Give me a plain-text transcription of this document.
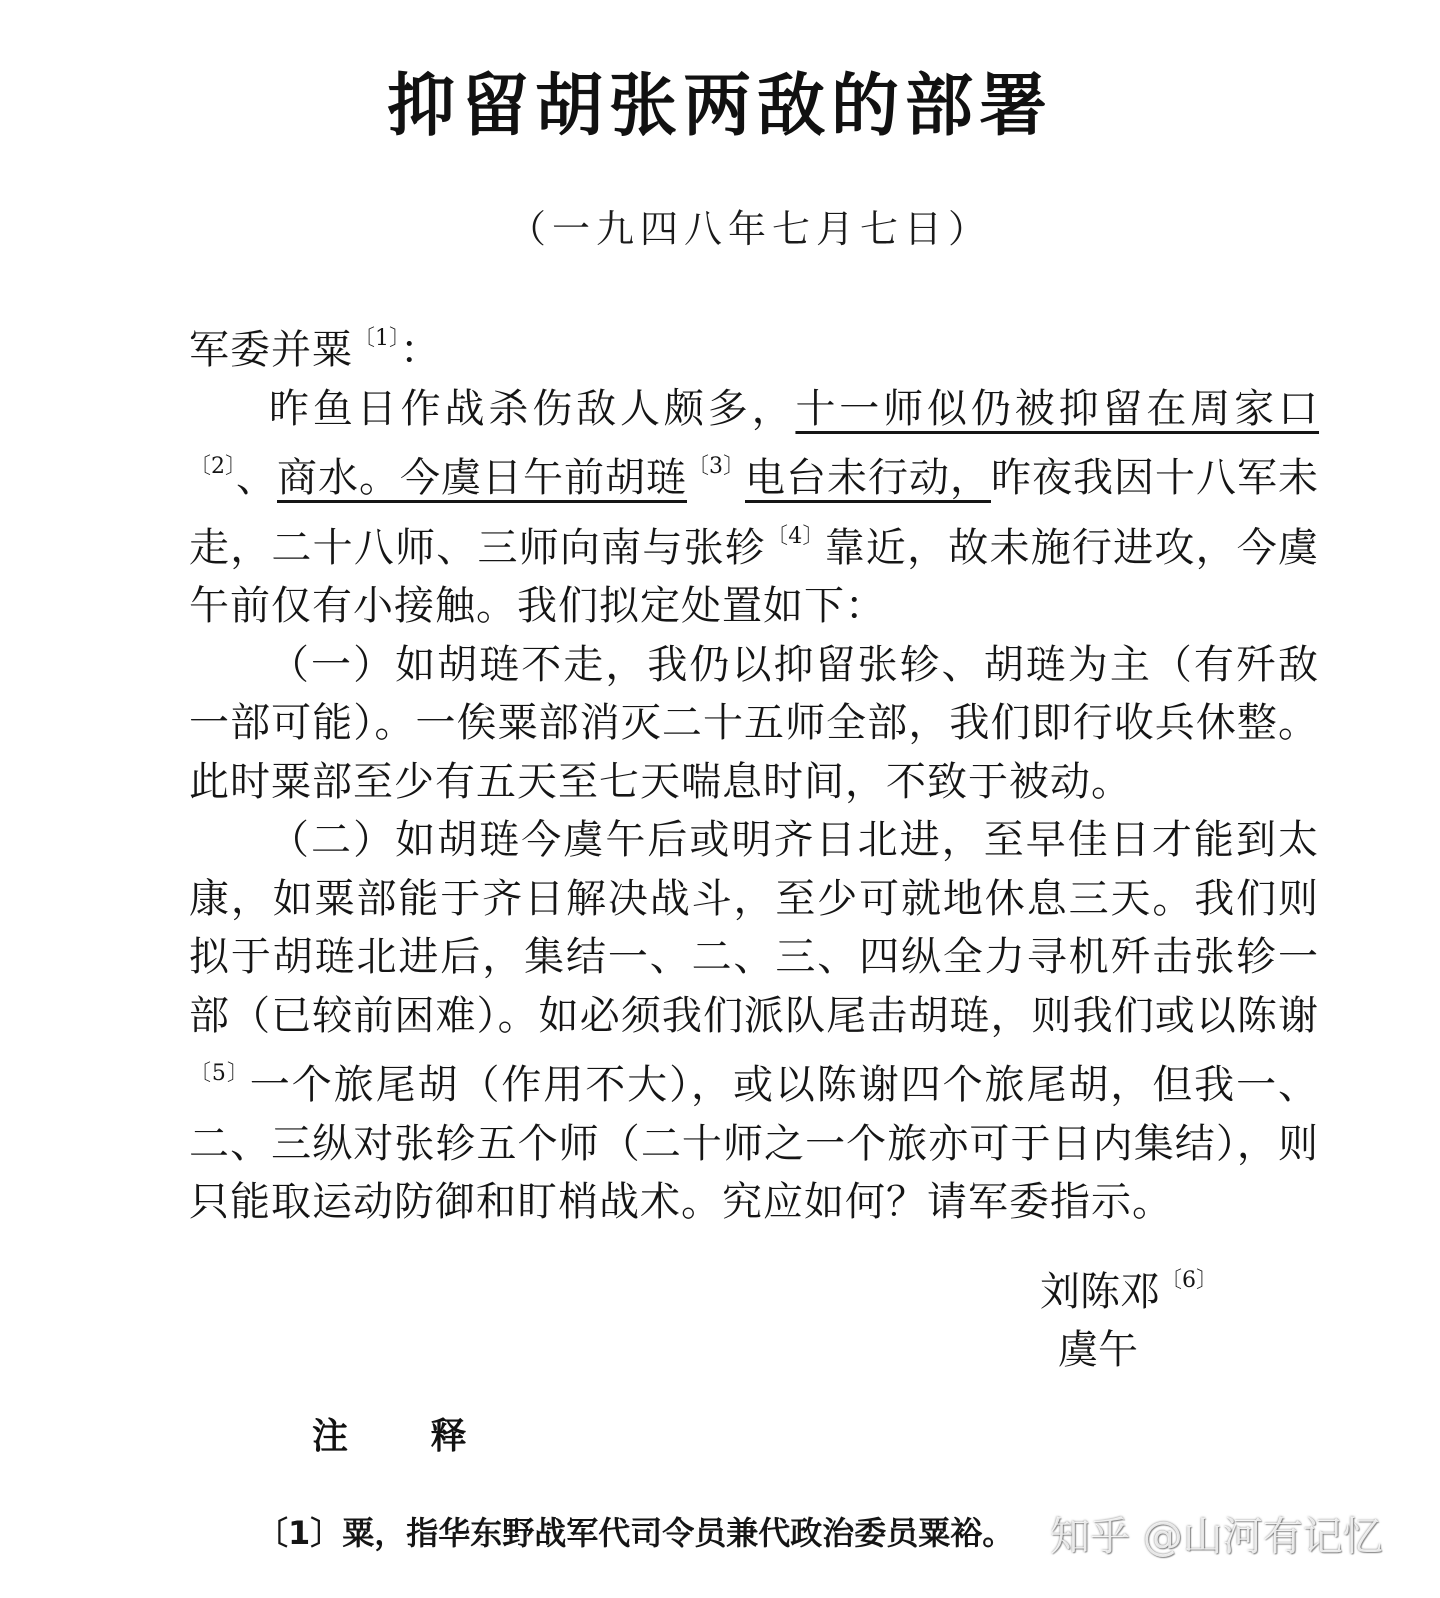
抑留胡张两敌的部署
（一九四八年七月七日）

军委并粟$^{〔1〕}$：

昨鱼日作战杀伤敌人颇多，十一师似仍被抑留在周家口$^{〔2〕}$、商水。今虞日午前胡琏$^{〔3〕}$电台未行动，昨夜我因十八军未走，二十八师、三师向南与张轸$^{〔4〕}$靠近，故未施行进攻，今虞午前仅有小接触。我们拟定处置如下：

（一）如胡琏不走，我仍以抑留张轸、胡琏为主（有歼敌一部可能）。一俟粟部消灭二十五师全部，我们即行收兵休整。此时粟部至少有五天至七天喘息时间，不致于被动。

（二）如胡琏今虞午后或明齐日北进，至早佳日才能到太康，如粟部能于齐日解决战斗，至少可就地休息三天。我们则拟于胡琏北进后，集结一、二、三、四纵全力寻机歼击张轸一部（已较前困难）。如必须我们派队尾击胡琏，则我们或以陈谢$^{〔5〕}$一个旅尾胡（作用不大），或以陈谢四个旅尾胡，但我一、二、三纵对张轸五个师（二十师之一个旅亦可于日内集结），则只能取运动防御和盯梢战术。究应如何？请军委指示。

刘陈邓$^{〔6〕}$
虞午
注 释
〔1〕粟，指华东野战军代司令员兼代政治委员粟裕。 知乎 @山河有记忆
